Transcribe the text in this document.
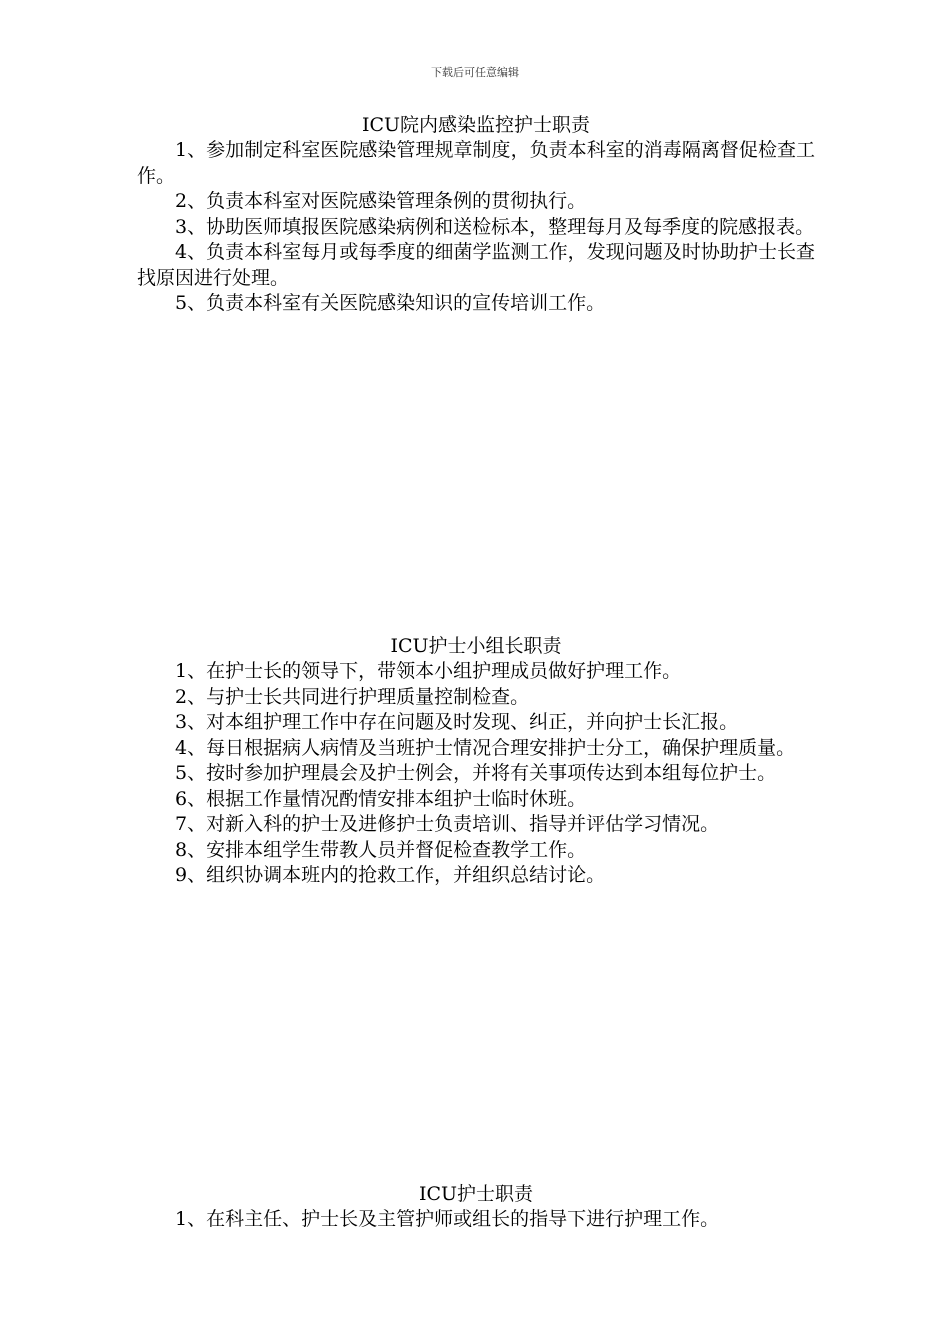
下载后可任意编辑
ICU院内感染监控护士职责

1、参加制定科室医院感染管理规章制度，负责本科室的消毒隔离督促检查工作。

2、负责本科室对医院感染管理条例的贯彻执行。

3、协助医师填报医院感染病例和送检标本，整理每月及每季度的院感报表。

4、负责本科室每月或每季度的细菌学监测工作，发现问题及时协助护士长查找原因进行处理。

5、负责本科室有关医院感染知识的宣传培训工作。

ICU护士小组长职责

1、在护士长的领导下，带领本小组护理成员做好护理工作。

2、与护士长共同进行护理质量控制检查。

3、对本组护理工作中存在问题及时发现、纠正，并向护士长汇报。

4、每日根据病人病情及当班护士情况合理安排护士分工，确保护理质量。

5、按时参加护理晨会及护士例会，并将有关事项传达到本组每位护士。

6、根据工作量情况酌情安排本组护士临时休班。

7、对新入科的护士及进修护士负责培训、指导并评估学习情况。

8、安排本组学生带教人员并督促检查教学工作。

9、组织协调本班内的抢救工作，并组织总结讨论。

ICU护士职责

1、在科主任、护士长及主管护师或组长的指导下进行护理工作。
